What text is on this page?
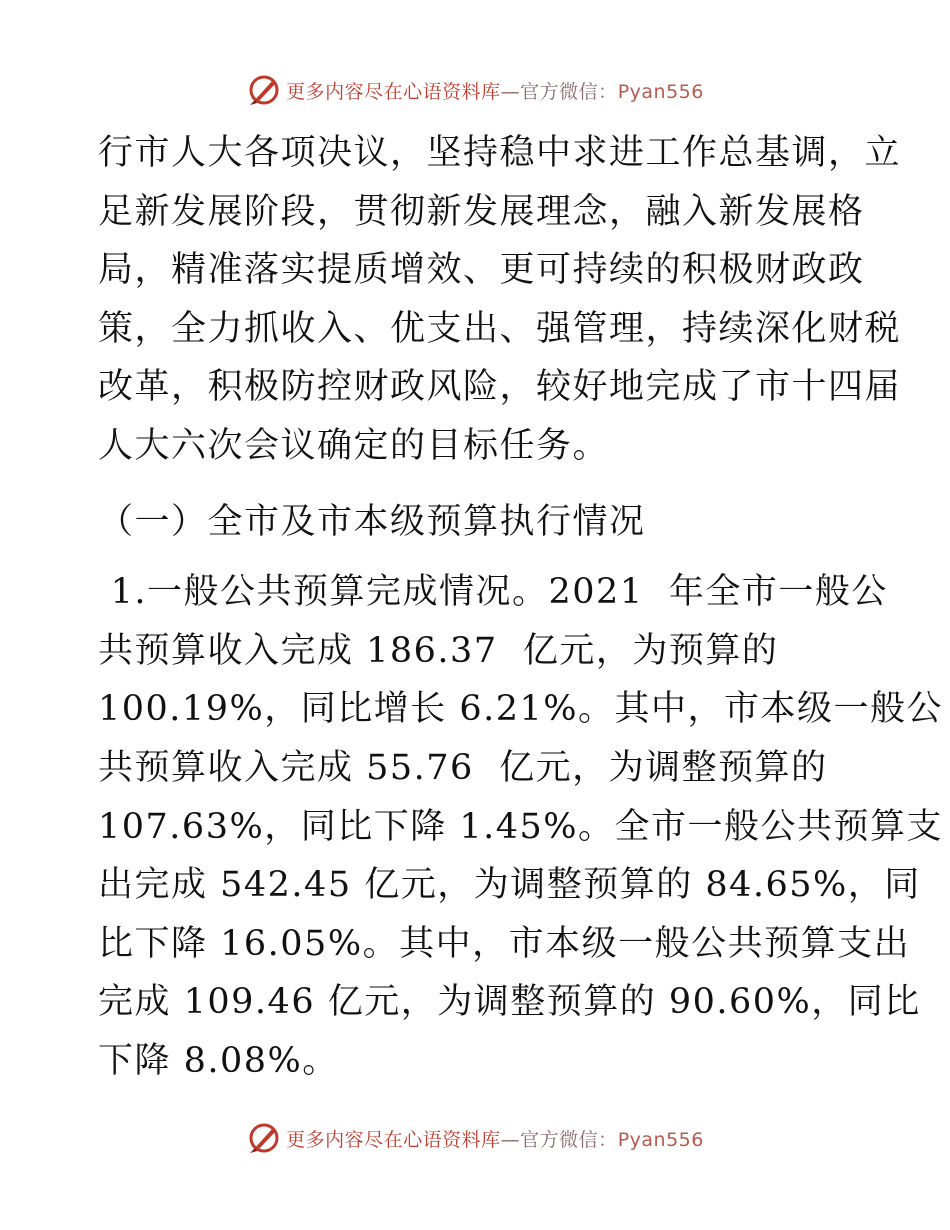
更多内容尽在心语资料库—官方微信：Pyan556
行市人大各项决议，坚持稳中求进工作总基调，立
足新发展阶段，贯彻新发展理念，融入新发展格
局，精准落实提质增效、更可持续的积极财政政
策，全力抓收入、优支出、强管理，持续深化财税
改革，积极防控财政风险，较好地完成了市十四届
人大六次会议确定的目标任务。
（一）全市及市本级预算执行情况
1.一般公共预算完成情况。2021  年全市一般公
共预算收入完成 186.37  亿元，为预算的
100.19%，同比增长 6.21%。其中，市本级一般公
共预算收入完成 55.76  亿元，为调整预算的
107.63%，同比下降 1.45%。全市一般公共预算支
出完成 542.45 亿元，为调整预算的 84.65%，同
比下降 16.05%。其中，市本级一般公共预算支出
完成 109.46 亿元，为调整预算的 90.60%，同比
下降 8.08%。
更多内容尽在心语资料库—官方微信：Pyan556
